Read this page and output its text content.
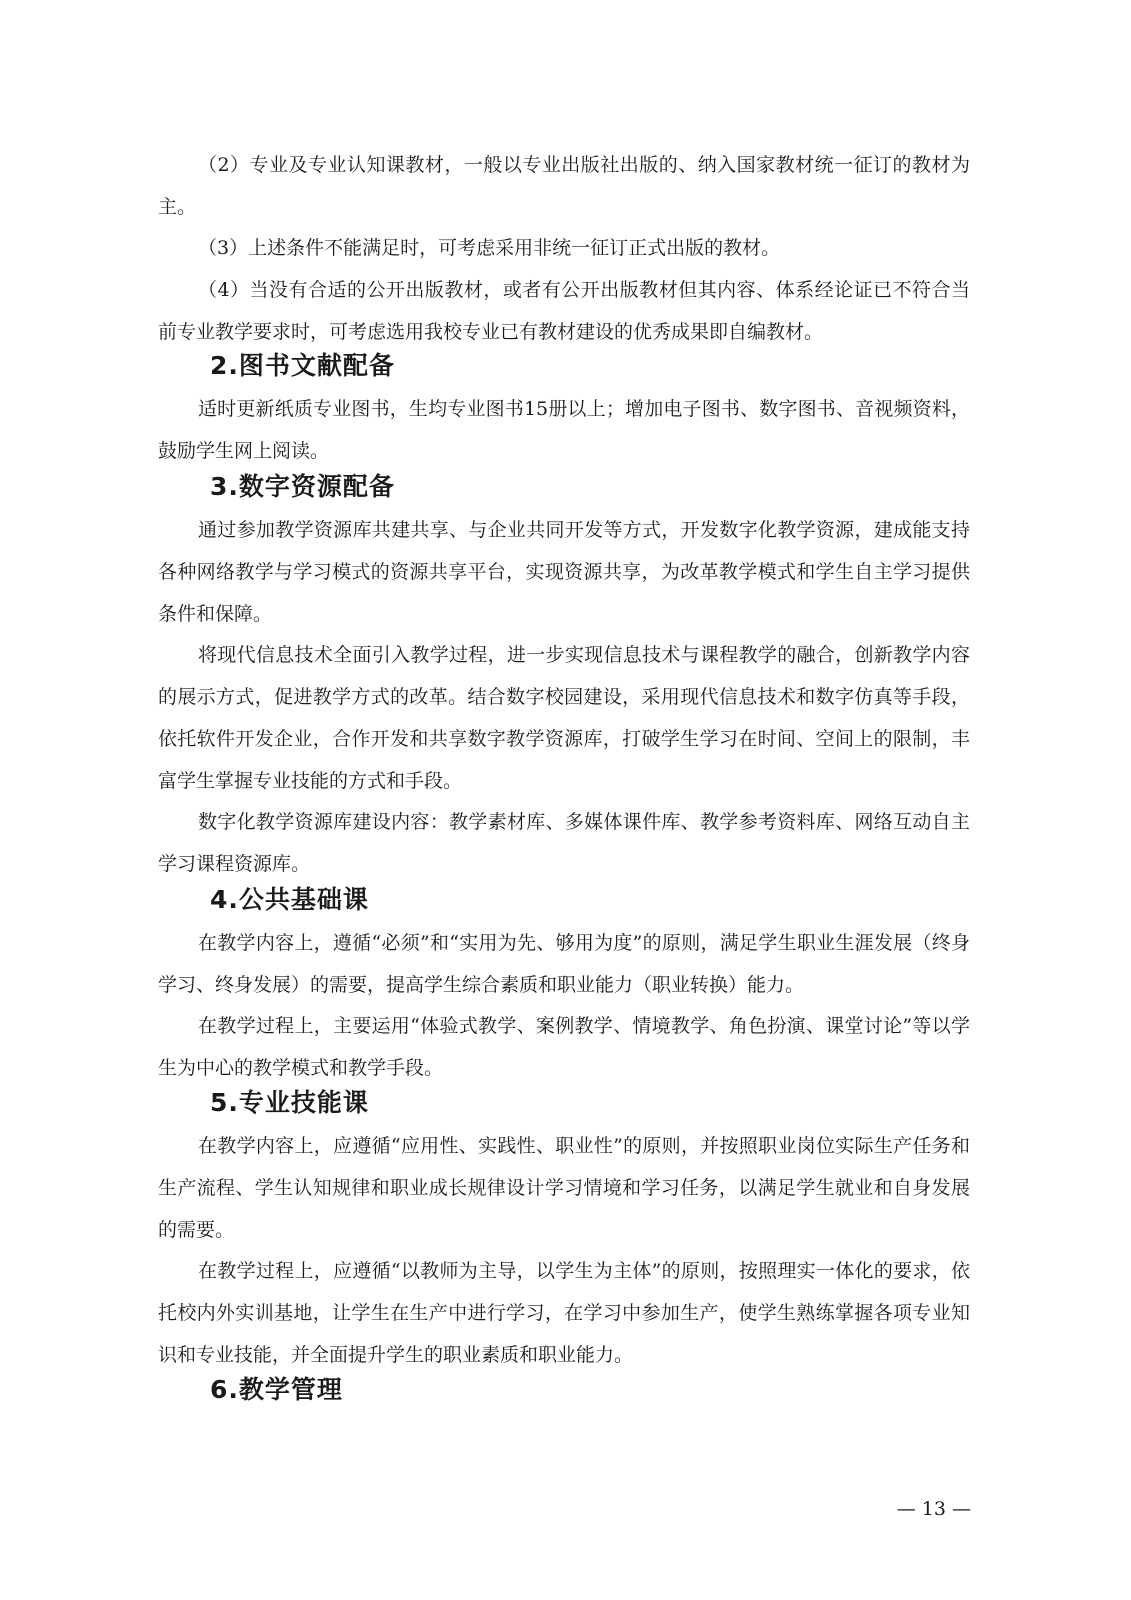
（2）专业及专业认知课教材，一般以专业出版社出版的、纳入国家教材统一征订的教材为主。

（3）上述条件不能满足时，可考虑采用非统一征订正式出版的教材。

（4）当没有合适的公开出版教材，或者有公开出版教材但其内容、体系经论证已不符合当前专业教学要求时，可考虑选用我校专业已有教材建设的优秀成果即自编教材。

2.图书文献配备

适时更新纸质专业图书，生均专业图书15册以上；增加电子图书、数字图书、音视频资料，鼓励学生网上阅读。

3.数字资源配备

通过参加教学资源库共建共享、与企业共同开发等方式，开发数字化教学资源，建成能支持各种网络教学与学习模式的资源共享平台，实现资源共享，为改革教学模式和学生自主学习提供条件和保障。

将现代信息技术全面引入教学过程，进一步实现信息技术与课程教学的融合，创新教学内容的展示方式，促进教学方式的改革。结合数字校园建设，采用现代信息技术和数字仿真等手段，依托软件开发企业，合作开发和共享数字教学资源库，打破学生学习在时间、空间上的限制，丰富学生掌握专业技能的方式和手段。

数字化教学资源库建设内容：教学素材库、多媒体课件库、教学参考资料库、网络互动自主学习课程资源库。

4.公共基础课

在教学内容上，遵循“必须”和“实用为先、够用为度”的原则，满足学生职业生涯发展（终身学习、终身发展）的需要，提高学生综合素质和职业能力（职业转换）能力。

在教学过程上，主要运用“体验式教学、案例教学、情境教学、角色扮演、课堂讨论”等以学生为中心的教学模式和教学手段。

5.专业技能课

在教学内容上，应遵循“应用性、实践性、职业性”的原则，并按照职业岗位实际生产任务和生产流程、学生认知规律和职业成长规律设计学习情境和学习任务，以满足学生就业和自身发展的需要。

在教学过程上，应遵循“以教师为主导，以学生为主体”的原则，按照理实一体化的要求，依托校内外实训基地，让学生在生产中进行学习，在学习中参加生产，使学生熟练掌握各项专业知识和专业技能，并全面提升学生的职业素质和职业能力。

6.教学管理
— 13 —
